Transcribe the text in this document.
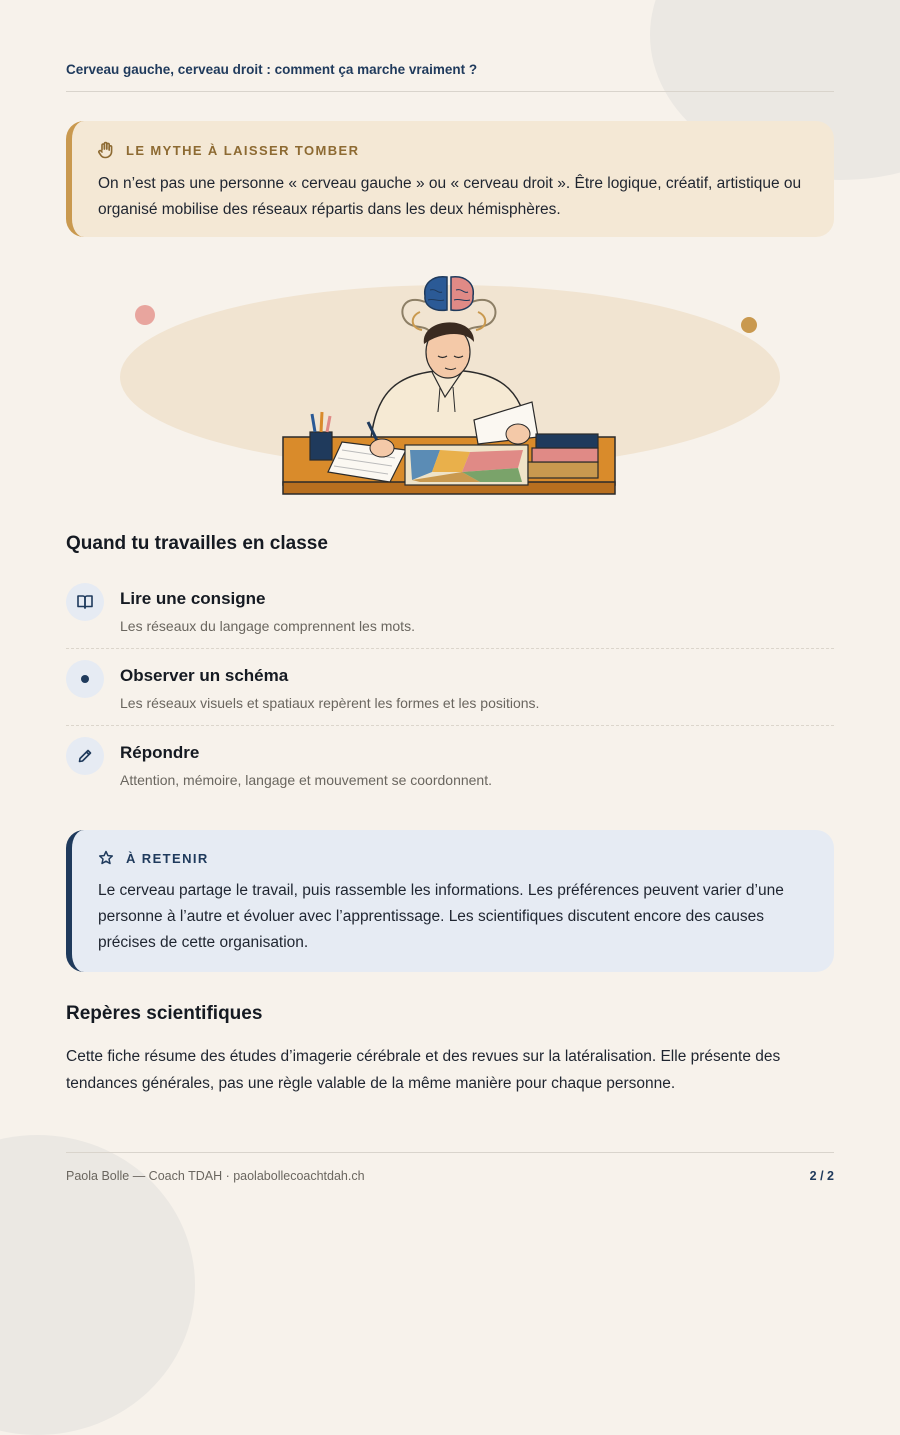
Cerveau gauche, cerveau droit : comment ça marche vraiment ?
LE MYTHE À LAISSER TOMBER
On n’est pas une personne « cerveau gauche » ou « cerveau droit ». Être logique, créatif, artistique ou organisé mobilise des réseaux répartis dans les deux hémisphères.
Quand tu travailles en classe
Lire une consigne
Les réseaux du langage comprennent les mots.
Observer un schéma
Les réseaux visuels et spatiaux repèrent les formes et les positions.
Répondre
Attention, mémoire, langage et mouvement se coordonnent.
À RETENIR
Le cerveau partage le travail, puis rassemble les informations. Les préférences peuvent varier d’une personne à l’autre et évoluer avec l’apprentissage. Les scientifiques discutent encore des causes précises de cette organisation.
Repères scientifiques
Cette fiche résume des études d’imagerie cérébrale et des revues sur la latéralisation. Elle présente des tendances générales, pas une règle valable de la même manière pour chaque personne.
Paola Bolle — Coach TDAH · paolabollecoachtdah.ch	2 / 2
